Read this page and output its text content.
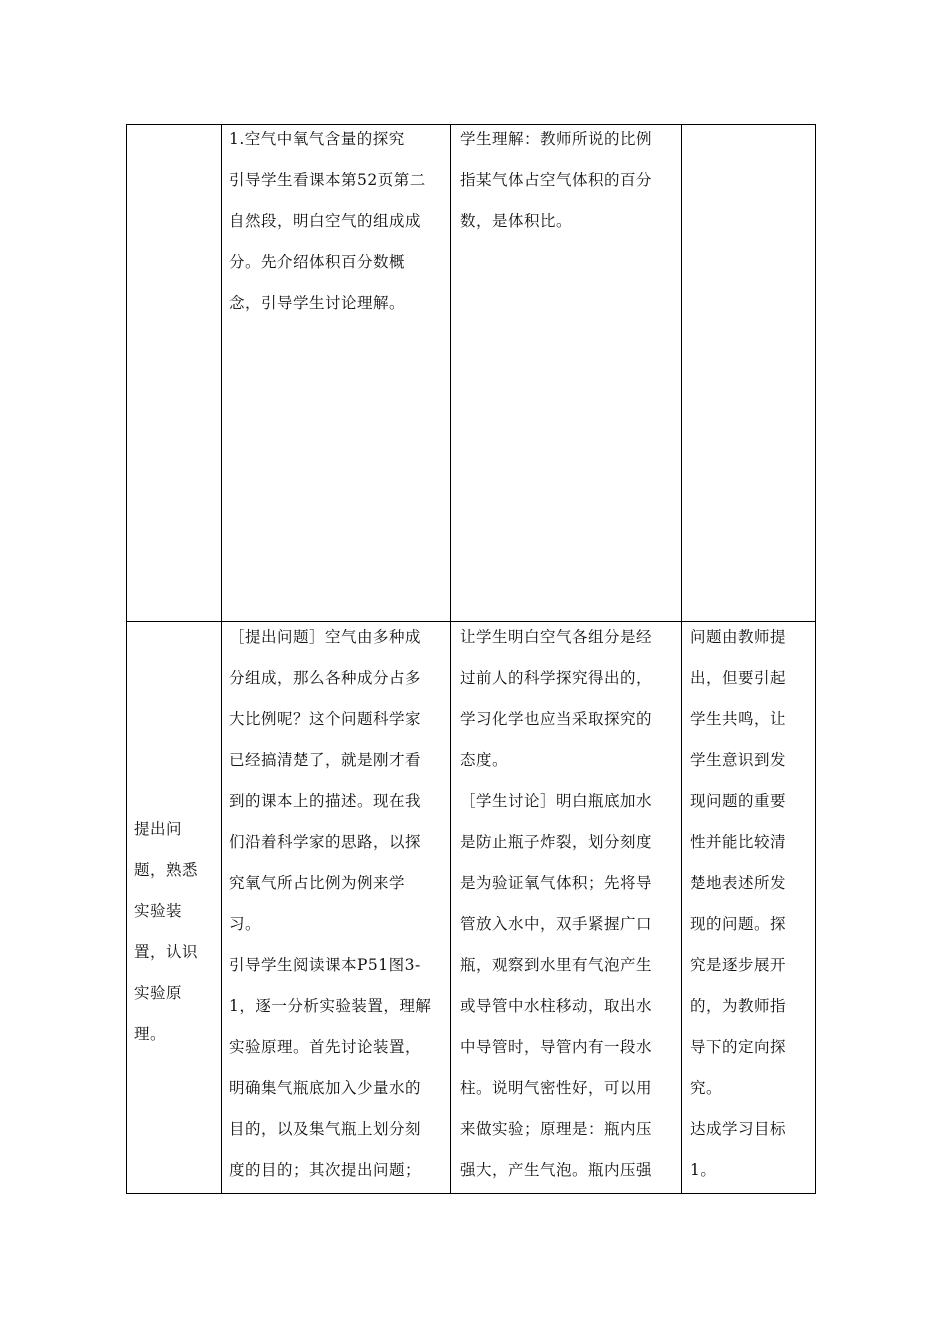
1.空气中氧气含量的探究

引导学生看课本第52页第二

自然段，明白空气的组成成

分。先介绍体积百分数概

念，引导学生讨论理解。

学生理解：教师所说的比例

指某气体占空气体积的百分

数，是体积比。

提出问

题，熟悉

实验装

置，认识

实验原

理。

［提出问题］空气由多种成

分组成，那么各种成分占多

大比例呢？这个问题科学家

已经搞清楚了，就是刚才看

到的课本上的描述。现在我

们沿着科学家的思路，以探

究氧气所占比例为例来学

习。

引导学生阅读课本P51图3-

1，逐一分析实验装置，理解

实验原理。首先讨论装置，

明确集气瓶底加入少量水的

目的，以及集气瓶上划分刻

度的目的；其次提出问题；

让学生明白空气各组分是经

过前人的科学探究得出的，

学习化学也应当采取探究的

态度。

［学生讨论］明白瓶底加水

是防止瓶子炸裂，划分刻度

是为验证氧气体积；先将导

管放入水中，双手紧握广口

瓶，观察到水里有气泡产生

或导管中水柱移动，取出水

中导管时，导管内有一段水

柱。说明气密性好，可以用

来做实验；原理是：瓶内压

强大，产生气泡。瓶内压强

问题由教师提

出，但要引起

学生共鸣，让

学生意识到发

现问题的重要

性并能比较清

楚地表述所发

现的问题。探

究是逐步展开

的，为教师指

导下的定向探

究。

达成学习目标

1。
